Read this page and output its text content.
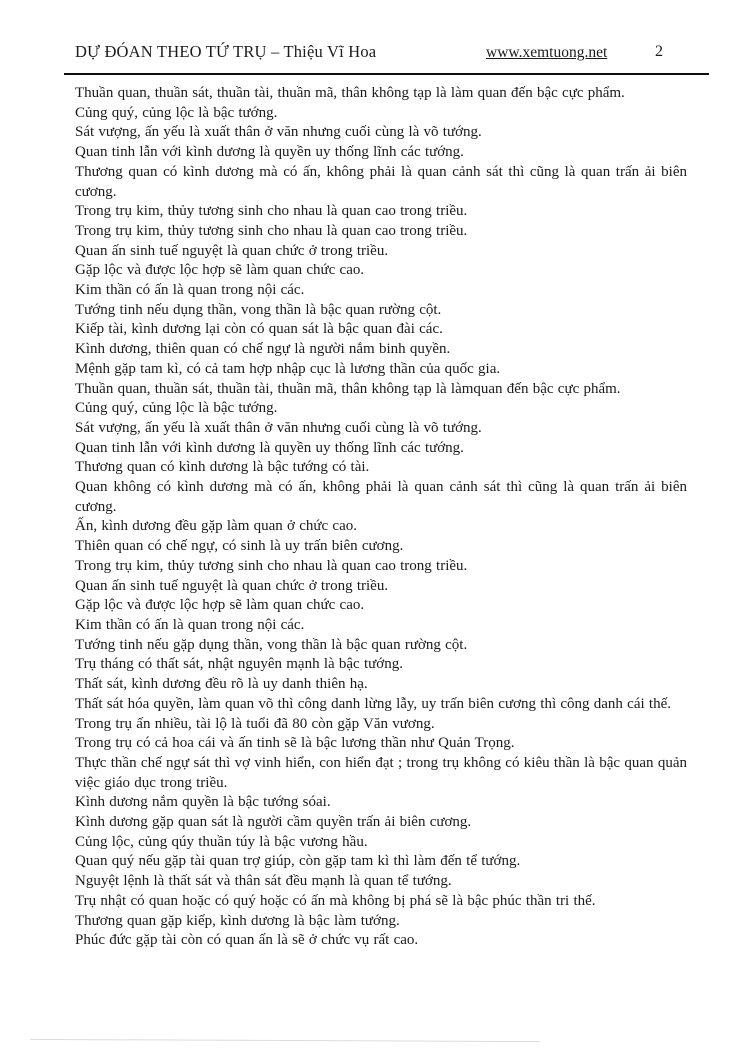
DỰ ĐÓAN THEO TỨ TRỤ – Thiệu Vĩ Hoa	www.xemtuong.net	2

Thuần quan, thuần sát, thuần tài, thuần mã, thân không tạp là làm quan đến bậc cực phẩm.

Củng quý, củng lộc là bậc tướng.

Sát vượng, ấn yếu là xuất thân ở văn nhưng cuối cùng là võ tướng.

Quan tinh lẫn với kình dương là quyền uy thống lĩnh các tướng.

Thương quan có kình dương mà có ấn, không phải là quan cảnh sát thì cũng là quan trấn ải biên cương.

Trong trụ kim, thủy tương sinh cho nhau là quan cao trong triều.

Trong trụ kim, thủy tương sinh cho nhau là quan cao trong triều.

Quan ấn sinh tuế nguyệt là quan chức ở trong triều.

Gặp lộc và được lộc hợp sẽ làm quan chức cao.

Kim thần có ấn là quan trong nội các.

Tướng tinh nếu dụng thần, vong thần là bậc quan rường cột.

Kiếp tài, kình dương lại còn có quan sát là bậc quan đài các.

Kình dương, thiên quan có chế ngự là người nắm binh quyền.

Mệnh gặp tam kì, có cả tam hợp nhập cục là lương thần của quốc gia.

Thuần quan, thuần sát, thuần tài, thuần mã, thân không tạp là làmquan đến bậc cực phẩm.

Củng quý, củng lộc là bậc tướng.

Sát vượng, ấn yếu là xuất thân ở văn nhưng cuối cùng là võ tướng.

Quan tinh lẫn với kình dương là quyền uy thống lĩnh các tướng.

Thương quan có kình dương là bậc tướng có tài.

Quan không có kình dương mà có ấn, không phải là quan cảnh sát thì cũng là quan trấn ải biên cương.

Ấn, kình dương đều gặp làm quan ở chức cao.

Thiên quan có chế ngự, có sinh là uy trấn biên cương.

Trong trụ kim, thủy tương sinh cho nhau là quan cao trong triều.

Quan ấn sinh tuế nguyệt là quan chức ở trong triều.

Gặp lộc và được lộc hợp sẽ làm quan chức cao.

Kim thần có ấn là quan trong nội các.

Tướng tinh nếu gặp dụng thần, vong thần là bậc quan rường cột.

Trụ tháng có thất sát, nhật nguyên mạnh là bậc tướng.

Thất sát, kình dương đều rõ là uy danh thiên hạ.

Thất sát hóa quyền, làm quan võ thì công danh lừng lẫy, uy trấn biên cương thì công danh cái thế.

Trong trụ ấn nhiều, tài lộ là tuổi đã 80 còn gặp Văn vương.

Trong trụ có cả hoa cái và ấn tinh sẽ là bậc lương thần như Quản Trọng.

Thực thần chế ngự sát thì vợ vinh hiển, con hiển đạt ; trong trụ không có kiêu thần là bậc quan quản việc giáo dục trong triều.

Kình dương nắm quyền là bậc tướng sóai.

Kình dương gặp quan sát là người cầm quyền trấn ải biên cương.

Củng lộc, củng qúy thuần túy là bậc vương hầu.

Quan quý nếu gặp tài quan trợ giúp, còn gặp tam kì thì làm đến tể tướng.

Nguyệt lệnh là thất sát và thân sát đều mạnh là quan tể tướng.

Trụ nhật có quan hoặc có quý hoặc có ấn mà không bị phá sẽ là bậc phúc thần tri thế.

Thương quan gặp kiếp, kình dương là bậc làm tướng.

Phúc đức gặp tài còn có quan ấn là sẽ ở chức vụ rất cao.
